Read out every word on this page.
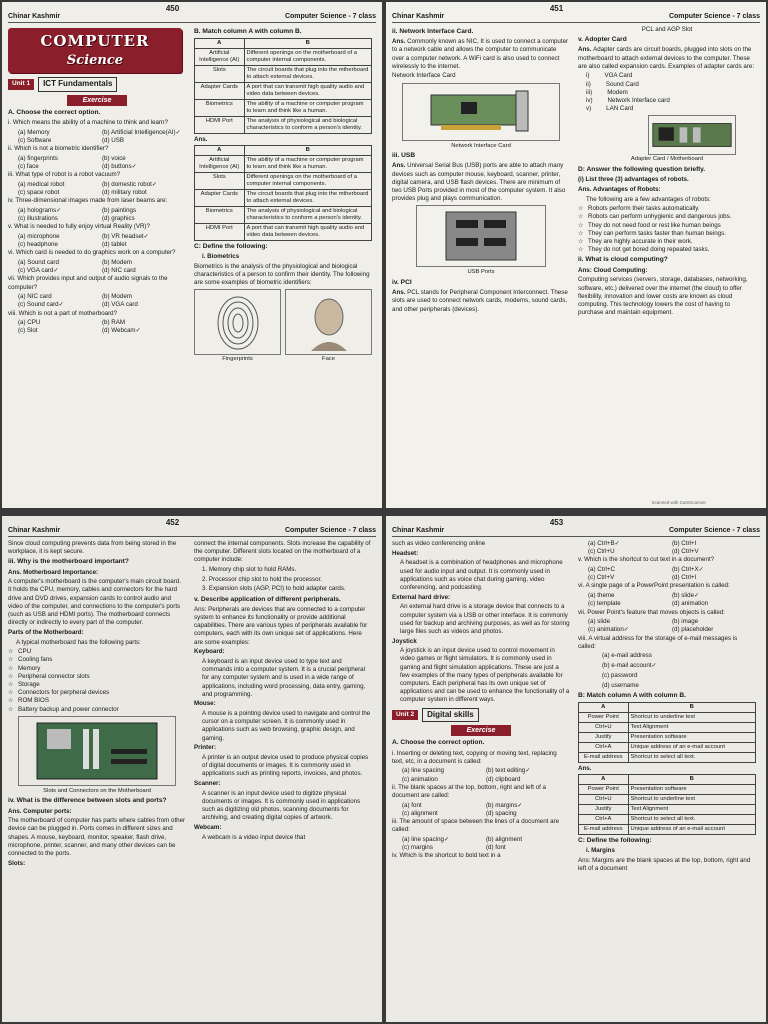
Chinar Kashmir
450
Computer Science - 7 class
COMPUTER
Science
Unit 1	ICT Fundamentals
Exercise

A. Choose the correct option.

i. Which means the ability of a machine to think and learn?

(a) Memory	(b) Artificial Intelligence(AI)✓
(c) Software	(d) USB

ii. Which is not a biometric identifier?

(a) fingerprints	(b) voice
(c) face	(d) buttons✓

iii. What type of robot is a robot vacuum?

(a) medical robot	(b) domestic robot✓
(c) space robot	(d) military robot

iv. Three-dimensional images made from laser beams are:

(a) holograms✓	(b) paintings
(c) illustrations	(d) graphics

v. What is needed to fully enjoy virtual Reality (VR)?

(a) microphone	(b) VR headset✓
(c) headphone	(d) tablet

vi. Which card is needed to do graphics work on a computer?

(a) Sound card	(b) Modem
(c) VGA card✓	(d) NIC card

vii. Which provides input and output of audio signals to the computer?

(a) NIC card	(b) Modem
(c) Sound card✓	(d) VGA card

viii. Which is not a part of motherboard?

(a) CPU	(b) RAM
(c) Slot	(d) Webcam✓

B. Match column A with column B.

A	B
Artificial Intelligence (AI)	Different openings on the motherboard of a computer internal components.
Slots	The circuit boards that plug into the mtherboard to attach external devices.
Adapter Cards	A port that can transmit high quality audio and video data between devices.
Biometrics	The ability of a machine or computer program to learn and think like a human.
HDMI Port	The analysis of physiological and biological characteristics to conform a person's identity.

Ans.

A	B
Artificial Intelligence (AI)	The ability of a machine or computer program to learn and think like a human.
Slots	Different openings on the motherboard of a computer internal components.
Adapter Cards	The circuit boards that plug into the mtherboard to attach external devices.
Biometrics	The analysis of physiological and biological characteristics to conform a person's identity.
HDMI Port	A port that can transmit high quality audio and video data between devices.

C: Define the following:

i. Biometrics

Biometrics is the analysis of the physiological and biological characteristics of a person to confirm their identity. The following are some examples of biometric identifiers:

Fingerprints	Face
Chinar Kashmir
451
Computer Science - 7 class

ii. Network Interface Card.

Ans. Commonly known as NIC, It is used to connect a computer to a network cable and allows the computer to communicate over a computer network. A WiFi card is also used to connect wirelessly to the internet.

Network Interface Card

Network Interface Card

iii. USB

Ans. Universal Serial Bus (USB) ports are able to attach many devices such as computer mouse, keyboard, scanner, printer, digital camera, and USB flash devices. There are minimum of two USB Ports provided in most of the computer system. It also provides plug and plays communication.

USB Ports

iv. PCI

Ans. PCL stands for Peripheral Component Interconnect. These slots are used to connect network cards, modems, sound cards, and other peripherals (devices).

PCL and AGP Slot

v. Adopter Card

Ans. Adapter cards are circuit boards, plugged into slots on the motherboard to attach external devices to the computer. These are also called expansion cards. Examples of adapter cards are:

i) VGA Card
ii) Sound Card
iii) Modem
iv) Network Interface card
v) LAN Card
Adapter Card / Motherboard

D: Answer the following question briefly.

(i) List three (3) advantages of robots.

Ans. Advantages of Robots:

The following are a few advantages of robots:

☆ Robots perform their tasks automatically.
☆ Robots can perform unhygienic and dangerous jobs.
☆ They do not need food or rest like human beings
☆ They can perform tasks faster than human beings.
☆ They are highly accurate in their work.
☆ They do not get bored doing repeated tasks.

ii. What is cloud computing?

Ans: Cloud Computing:

Computing services (servers, storage, databases, networking, software, etc.) delivered over the internet (the cloud) to offer flexibility, innovation and lower costs are known as cloud computing. This technology lowers the cost of having to purchase and maintain equipment.

Scanned with CamScanner
Chinar Kashmir
452
Computer Science - 7 class

Since cloud computing prevents data from being stored in the workplace, it is kept secure.

iii. Why is the motherboard important?

Ans. Motherboard Importance:

A computer's motherboard is the computer's main circuit board. It holds the CPU, memory, cables and connectors for the hard drive and DVD drives, expansion cards to control audio and video of the computer, and connections to the computer's ports (such as USB and HDMI ports). The motherboard connects directly or indirectly to every part of the computer.

Parts of the Motherboard:

A typical motherboard has the following parts:

☆ CPU
☆ Cooling fans
☆ Memory
☆ Peripheral connector slots
☆ Storage
☆ Connectors for perpheral devices
☆ ROM BIOS
☆ Battery backup and power connector
Slots and Connectors on the Motherboard

iv. What is the difference between slots and ports?

Ans. Computer ports:

The motherboard of computer has parts where cables from other device can be plugged in. Ports comes in different sizes and shapes. A mouse, keyboard, monitor, speaker, flash drive, microphone, printer, scanner, and many other devices can be connected to the ports.

Slots:

connect the internal components. Slots increase the capability of the computer. Different slots located on the motherboard of a computer include:

1. Memory chip slot to hold RAMs.

2. Processor chip slot to hold the processor.

3. Expansion slots (AGP, PCI) to hold adapter cards.

v. Describe application of different peripherals.

Ans: Peripherals are devices that are connected to a computer system to enhance its functionality or provide additional capabilities. There are various types of peripherals available for computers, each with its own unique set of applications. Here are some examples:

Keyboard:

A keyboard is an input device used to type text and commands into a computer system. It is a crucial peripheral for any computer system and is used in a wide range of applications, including word processing, data entry, gaming, and programming.

Mouse:

A mouse is a pointing device used to navigate and control the cursor on a computer screen. It is commonly used in applications such as web browsing, graphic design, and gaming.

Printer:

A printer is an output device used to produce physical copies of digital documents or images. It is commonly used in applications such as printing reports, invoices, and photos.

Scanner:

A scanner is an input device used to digitize physical documents or images. It is commonly used in applications such as digitizing old photos, scanning documents for archiving, and creating digital copies of artwork.

Webcam:

A webcam is a video input device that

Chinar Kashmir
453
Computer Science - 7 class

such as video conferencing online

Headset:

A headset is a combination of headphones and microphone used for audio input and output. It is commonly used in applications such as voice chat during gaming, video conferencing, and podcasting.

External hard drive:

An external hard drive is a storage device that connects to a computer system via a USB or other interface. It is commonly used for backup and archiving purposes, as well as for storing large files such as videos and photos.

Joystick

A joystick is an input device used to control movement in video games or flight simulators. It is commonly used in gaming and flight simulation applications. These are just a few examples of the many types of peripherals available for computers. Each peripheral has its own unique set of applications and can be used to enhance the functionality of a computer system in different ways.

Unit 2	Digital skills
Exercise

A. Choose the correct option.

i. Inserting or deleting text, copying or moving text, replacing text, etc, in a document is called:

(a) line spacing	(b) text editing✓
(c) animation	(d) clipboard

ii. The blank spaces at the top, bottom, right and left of a document are called:

(a) font	(b) margins✓
(c) alignment	(d) spacing

iii. The amount of space between the lines of a document are called:

(a) line spacing✓	(b) alignment
(c) margins	(d) font

iv. Which is the shortcut to bold text in a

(a) Ctrl+B✓	(b) Ctrl+I
(c) Ctrl+U	(d) Ctrl+V

v. Which is the shortcut to cut text in a document?

(a) Ctrl+C	(b) Ctrl+X✓
(c) Ctrl+V	(d) Ctrl+I

vi. A single page of a PowerPoint presentation is called:

(a) theme	(b) slide✓
(c) template	(d) animation

vii. Power Point's feature that moves objects is called:

(a) slide	(b) image
(c) animation✓	(d) placeholder

viii. A virtual address for the storage of e-mail messages is called:

(a) e-mail address

(b) e-mail account✓

(c) password

(d) username

B: Match column A with column B.

A	B
Power Point	Shortcut to underline text
Ctrl+U	Text Alignment
Justify	Presentation software
Ctrl+A	Unique address of an e-mail account
E-mail address	Shortcut to select all text.

Ans.

A	B
Power Point	Presentation software
Ctrl+U	Shortcut to underline text
Justify	Text Alignment
Ctrl+A	Shortcut to select all text.
E-mail address	Unique address of an e-mail account

C: Define the following:

i. Margins

Ans: Margins are the blank spaces at the top, bottom, right and left of a document
